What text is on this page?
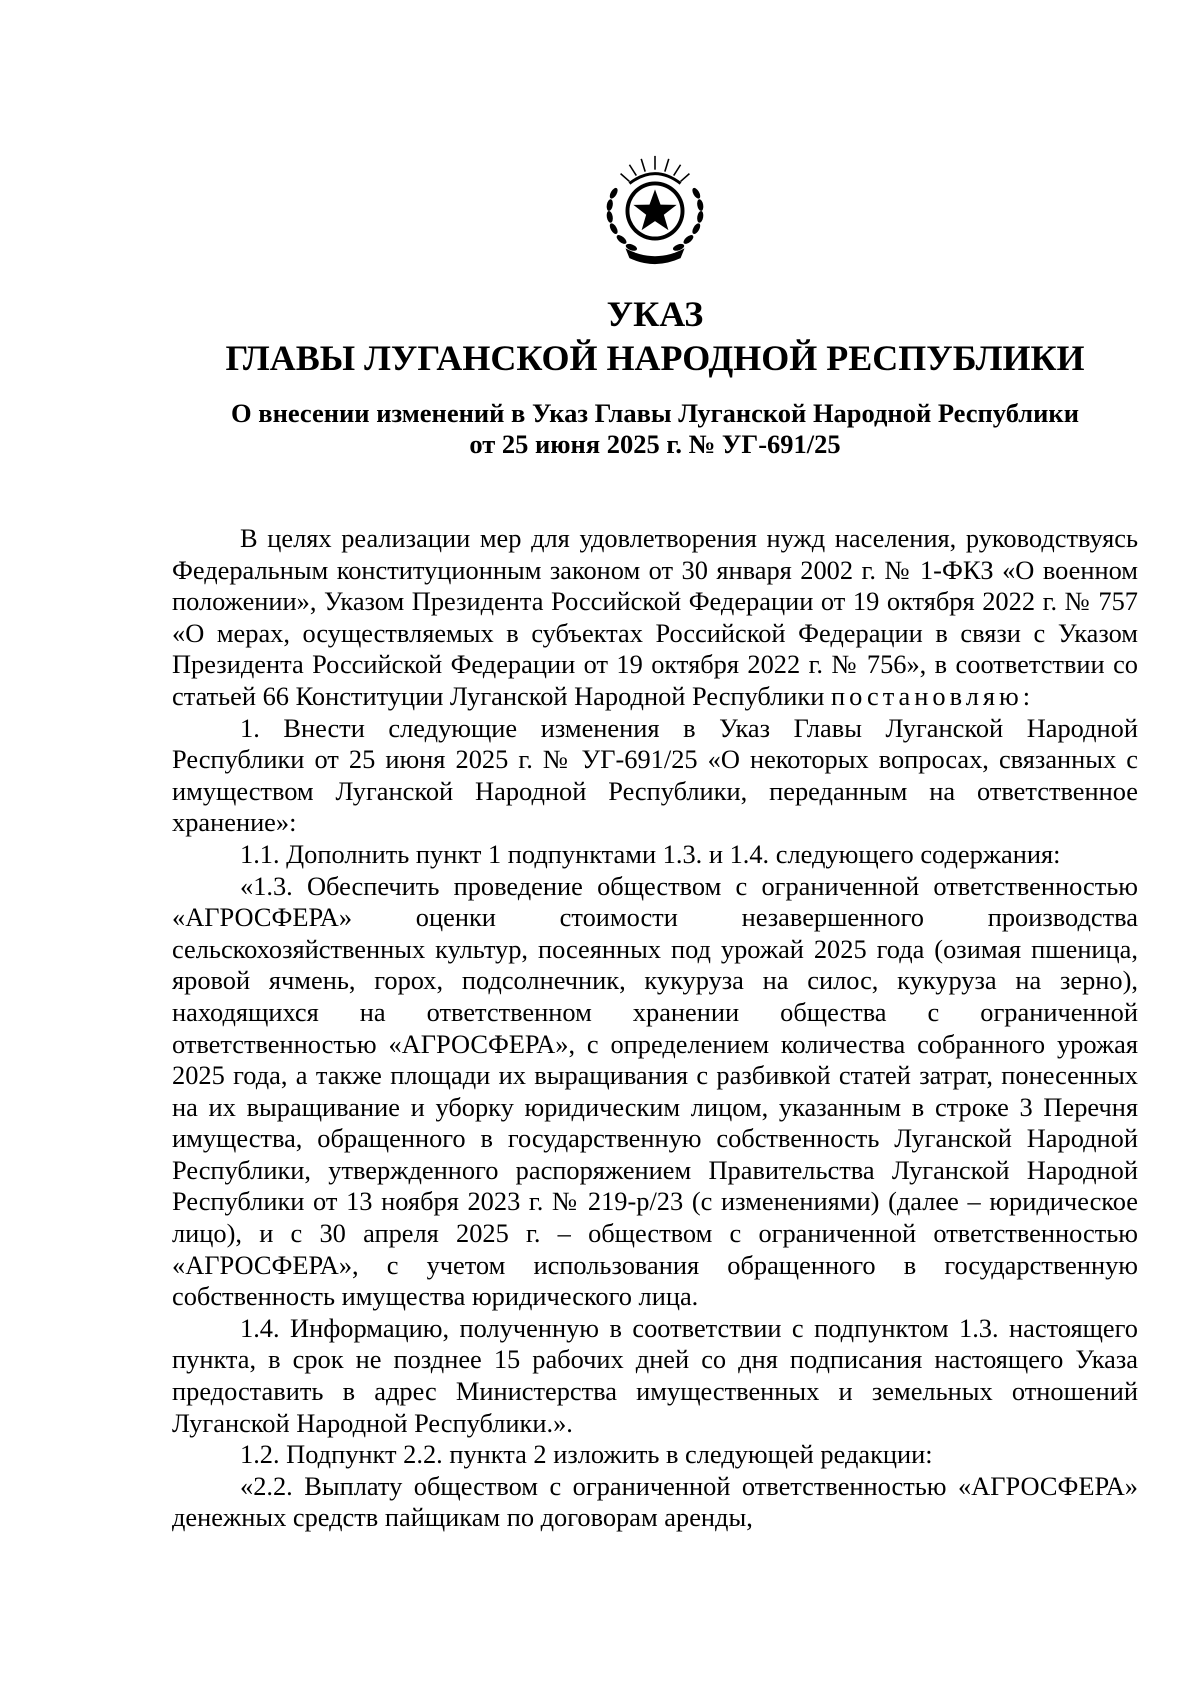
УКАЗ
ГЛАВЫ ЛУГАНСКОЙ НАРОДНОЙ РЕСПУБЛИКИ
О внесении изменений в Указ Главы Луганской Народной Республики
от 25 июня 2025 г. № УГ-691/25

В целях реализации мер для удовлетворения нужд населения, руководствуясь Федеральным конституционным законом от 30 января 2002 г. № 1-ФКЗ «О военном положении», Указом Президента Российской Федерации от 19 октября 2022 г. № 757 «О мерах, осуществляемых в субъектах Российской Федерации в связи с Указом Президента Российской Федерации от 19 октября 2022 г. № 756», в соответствии со статьей 66 Конституции Луганской Народной Республики постановляю:

1. Внести следующие изменения в Указ Главы Луганской Народной Республики от 25 июня 2025 г. № УГ-691/25 «О некоторых вопросах, связанных с имуществом Луганской Народной Республики, переданным на ответственное хранение»:

1.1. Дополнить пункт 1 подпунктами 1.3. и 1.4. следующего содержания:

«1.3. Обеспечить проведение обществом с ограниченной ответственностью «АГРОСФЕРА» оценки стоимости незавершенного производства сельскохозяйственных культур, посеянных под урожай 2025 года (озимая пшеница, яровой ячмень, горох, подсолнечник, кукуруза на силос, кукуруза на зерно), находящихся на ответственном хранении общества с ограниченной ответственностью «АГРОСФЕРА», с определением количества собранного урожая 2025 года, а также площади их выращивания с разбивкой статей затрат, понесенных на их выращивание и уборку юридическим лицом, указанным в строке 3 Перечня имущества, обращенного в государственную собственность Луганской Народной Республики, утвержденного распоряжением Правительства Луганской Народной Республики от 13 ноября 2023 г. № 219-р/23 (с изменениями) (далее – юридическое лицо), и с 30 апреля 2025 г. – обществом с ограниченной ответственностью «АГРОСФЕРА», с учетом использования обращенного в государственную собственность имущества юридического лица.

1.4. Информацию, полученную в соответствии с подпунктом 1.3. настоящего пункта, в срок не позднее 15 рабочих дней со дня подписания настоящего Указа предоставить в адрес Министерства имущественных и земельных отношений Луганской Народной Республики.».

1.2. Подпункт 2.2. пункта 2 изложить в следующей редакции:

«2.2. Выплату обществом с ограниченной ответственностью «АГРОСФЕРА» денежных средств пайщикам по договорам аренды,
